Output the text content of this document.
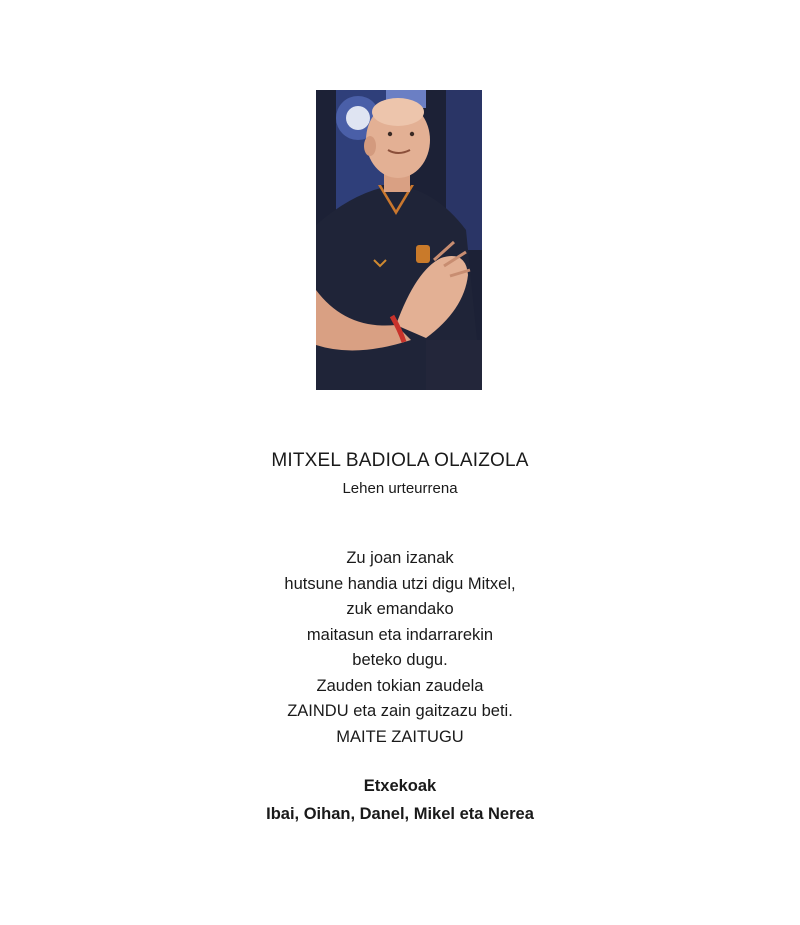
MITXEL BADIOLA OLAIZOLA
Lehen urteurrena
Zu joan izanak
hutsune handia utzi digu Mitxel,
zuk emandako
maitasun eta indarrarekin
beteko dugu.
Zauden tokian zaudela
ZAINDU eta zain gaitzazu beti.
MAITE ZAITUGU
Etxekoak
Ibai, Oihan, Danel, Mikel eta Nerea
